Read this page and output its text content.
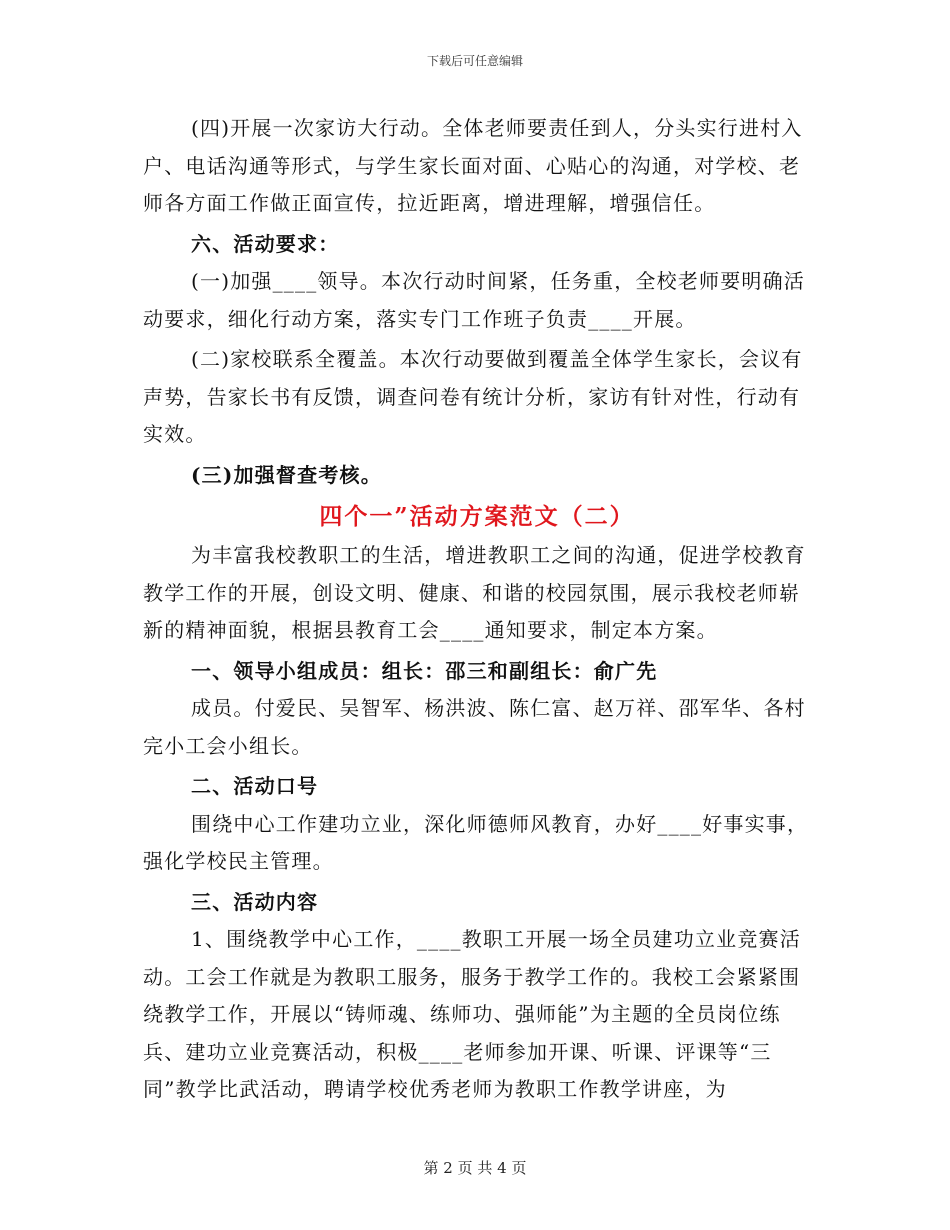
下载后可任意编辑

(四)开展一次家访大行动。全体老师要责任到人，分头实行进村入户、电话沟通等形式，与学生家长面对面、心贴心的沟通，对学校、老师各方面工作做正面宣传，拉近距离，增进理解，增强信任。

六、活动要求：

(一)加强____领导。本次行动时间紧，任务重，全校老师要明确活动要求，细化行动方案，落实专门工作班子负责____开展。

(二)家校联系全覆盖。本次行动要做到覆盖全体学生家长，会议有声势，告家长书有反馈，调查问卷有统计分析，家访有针对性，行动有实效。

(三)加强督查考核。

四个一”活动方案范文（二）

为丰富我校教职工的生活，增进教职工之间的沟通，促进学校教育教学工作的开展，创设文明、健康、和谐的校园氛围，展示我校老师崭新的精神面貌，根据县教育工会____通知要求，制定本方案。

一、领导小组成员：组长：邵三和副组长：俞广先

成员。付爱民、吴智军、杨洪波、陈仁富、赵万祥、邵军华、各村完小工会小组长。

二、活动口号

围绕中心工作建功立业，深化师德师风教育，办好____好事实事，强化学校民主管理。

三、活动内容

1、围绕教学中心工作，____教职工开展一场全员建功立业竞赛活动。工会工作就是为教职工服务，服务于教学工作的。我校工会紧紧围绕教学工作，开展以“铸师魂、练师功、强师能”为主题的全员岗位练兵、建功立业竞赛活动，积极____老师参加开课、听课、评课等“三同”教学比武活动，聘请学校优秀老师为教职工作教学讲座，为

第 2 页 共 4 页
